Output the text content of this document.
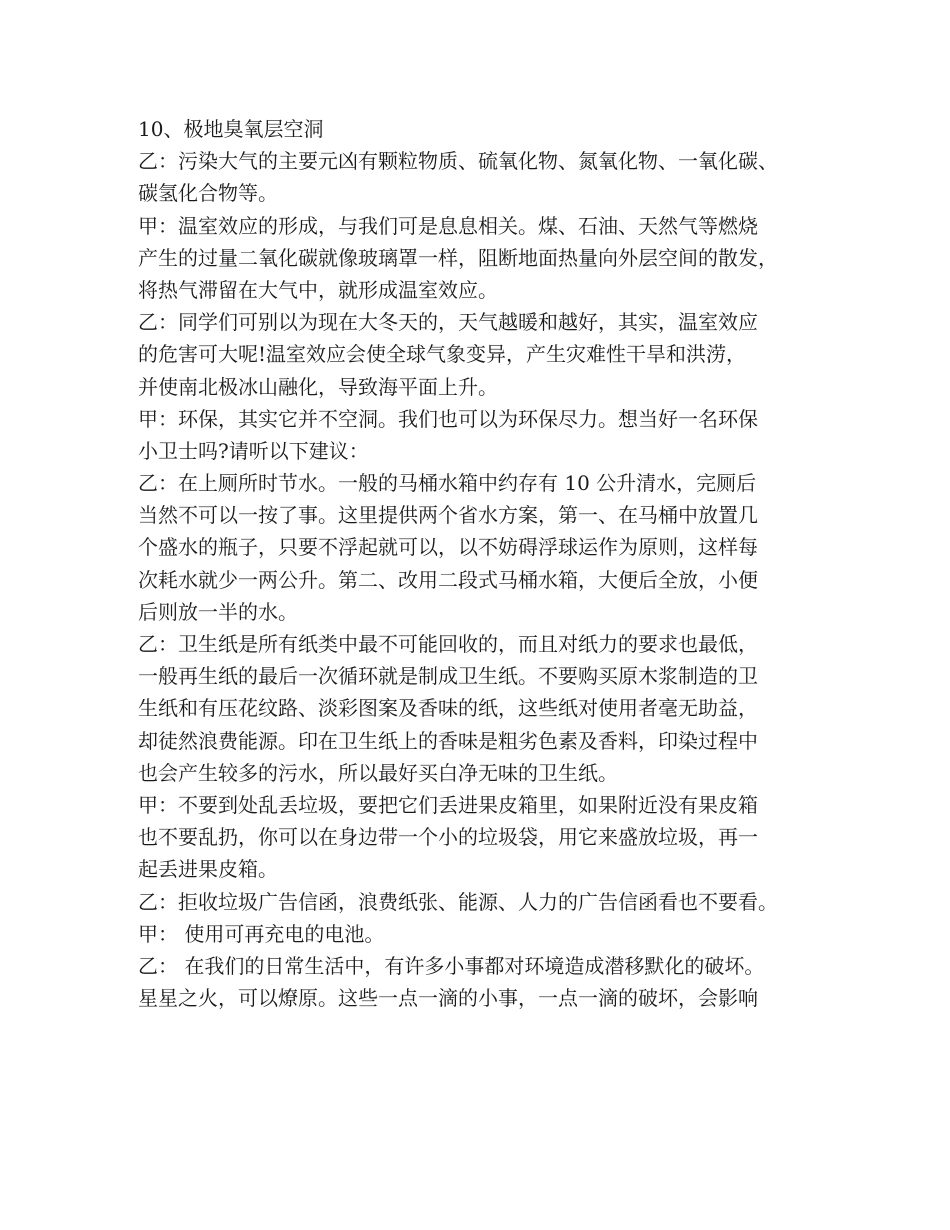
10、极地臭氧层空洞
乙：污染大气的主要元凶有颗粒物质、硫氧化物、氮氧化物、一氧化碳、
碳氢化合物等。
甲：温室效应的形成，与我们可是息息相关。煤、石油、天然气等燃烧
产生的过量二氧化碳就像玻璃罩一样，阻断地面热量向外层空间的散发，
将热气滞留在大气中，就形成温室效应。
乙：同学们可别以为现在大冬天的，天气越暖和越好，其实，温室效应
的危害可大呢!温室效应会使全球气象变异，产生灾难性干旱和洪涝，
并使南北极冰山融化，导致海平面上升。
甲：环保，其实它并不空洞。我们也可以为环保尽力。想当好一名环保
小卫士吗?请听以下建议：
乙：在上厕所时节水。一般的马桶水箱中约存有 10 公升清水，完厕后
当然不可以一按了事。这里提供两个省水方案，第一、在马桶中放置几
个盛水的瓶子，只要不浮起就可以，以不妨碍浮球运作为原则，这样每
次耗水就少一两公升。第二、改用二段式马桶水箱，大便后全放，小便
后则放一半的水。
乙：卫生纸是所有纸类中最不可能回收的，而且对纸力的要求也最低，
一般再生纸的最后一次循环就是制成卫生纸。不要购买原木浆制造的卫
生纸和有压花纹路、淡彩图案及香味的纸，这些纸对使用者毫无助益，
却徒然浪费能源。印在卫生纸上的香味是粗劣色素及香料，印染过程中
也会产生较多的污水，所以最好买白净无味的卫生纸。
甲：不要到处乱丢垃圾，要把它们丢进果皮箱里，如果附近没有果皮箱
也不要乱扔，你可以在身边带一个小的垃圾袋，用它来盛放垃圾，再一
起丢进果皮箱。
乙：拒收垃圾广告信函，浪费纸张、能源、人力的广告信函看也不要看。
甲： 使用可再充电的电池。
乙： 在我们的日常生活中，有许多小事都对环境造成潜移默化的破坏。
星星之火，可以燎原。这些一点一滴的小事，一点一滴的破坏，会影响
